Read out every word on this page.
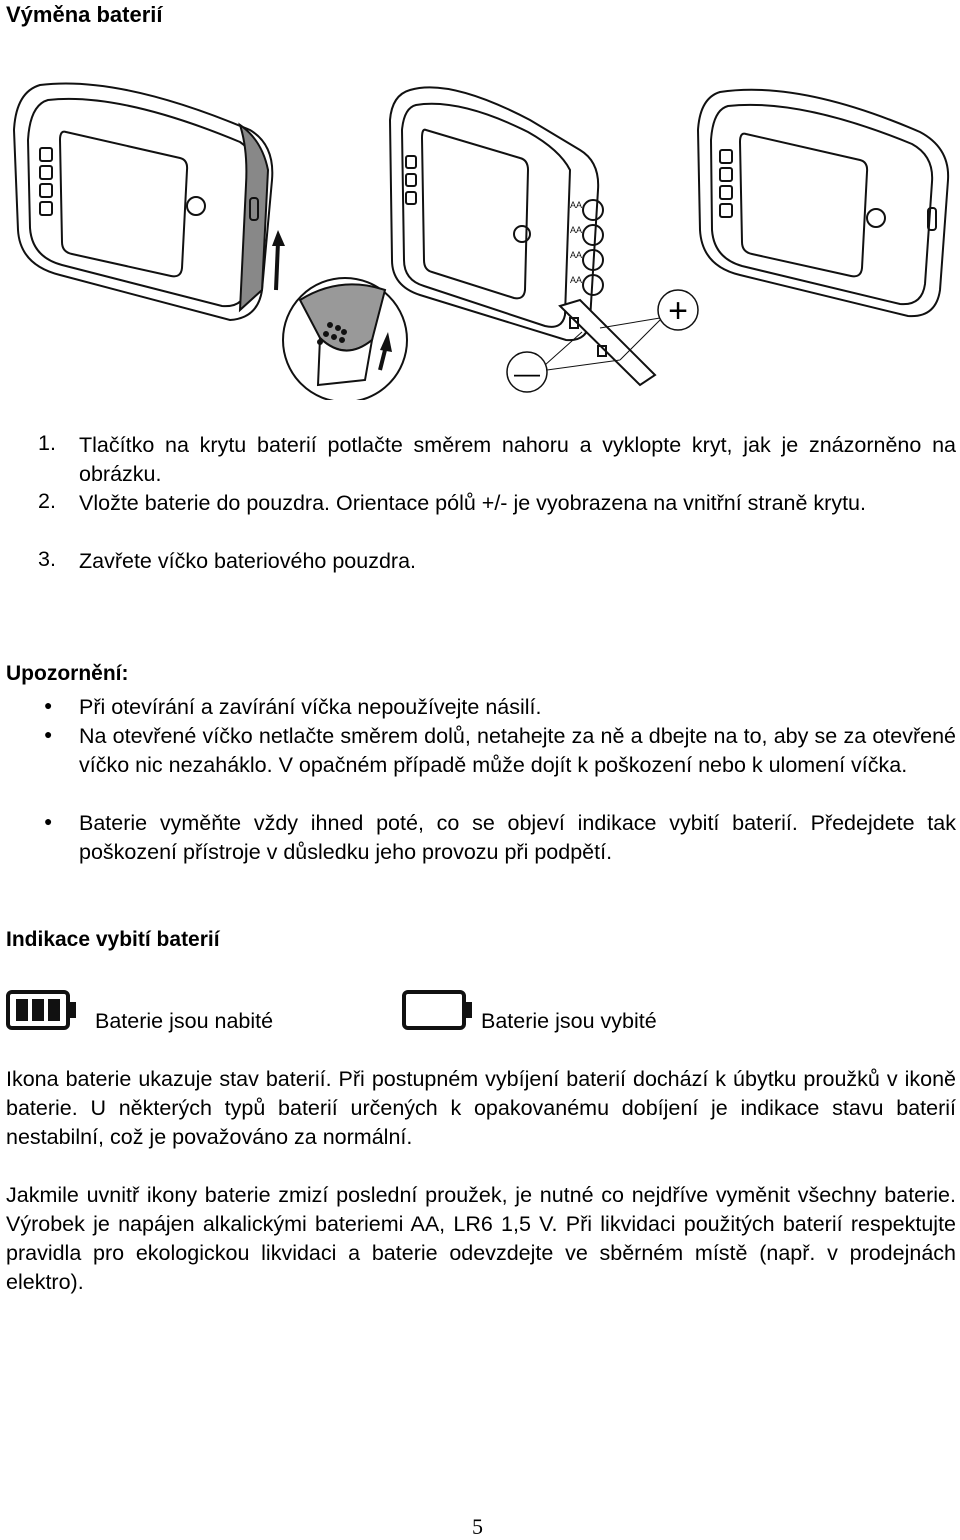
Výměna baterií
AA
AA
AA
AA
+
—
1. Tlačítko na krytu baterií potlačte směrem nahoru a vyklopte kryt, jak je znázorněno na obrázku.
2. Vložte baterie do pouzdra. Orientace pólů +/- je vyobrazena na vnitřní straně krytu.
3. Zavřete víčko bateriového pouzdra.
Upozornění:
● Při otevírání a zavírání víčka nepoužívejte násilí.
● Na otevřené víčko netlačte směrem dolů, netahejte za ně a dbejte na to, aby se za otevřené víčko nic nezaháklo. V opačném případě může dojít k poškození nebo k ulomení víčka.
● Baterie vyměňte vždy ihned poté, co se objeví indikace vybití baterií. Předejdete tak poškození přístroje v důsledku jeho provozu při podpětí.
Indikace vybití baterií
Baterie jsou nabité	Baterie jsou vybité
Ikona baterie ukazuje stav baterií. Při postupném vybíjení baterií dochází k úbytku proužků v ikoně baterie. U některých typů baterií určených k opakovanému dobíjení je indikace stavu baterií nestabilní, což je považováno za normální.
Jakmile uvnitř ikony baterie zmizí poslední proužek, je nutné co nejdříve vyměnit všechny baterie. Výrobek je napájen alkalickými bateriemi AA, LR6 1,5 V. Při likvidaci použitých baterií respektujte pravidla pro ekologickou likvidaci a baterie odevzdejte ve sběrném místě (např. v prodejnách elektro).
5
